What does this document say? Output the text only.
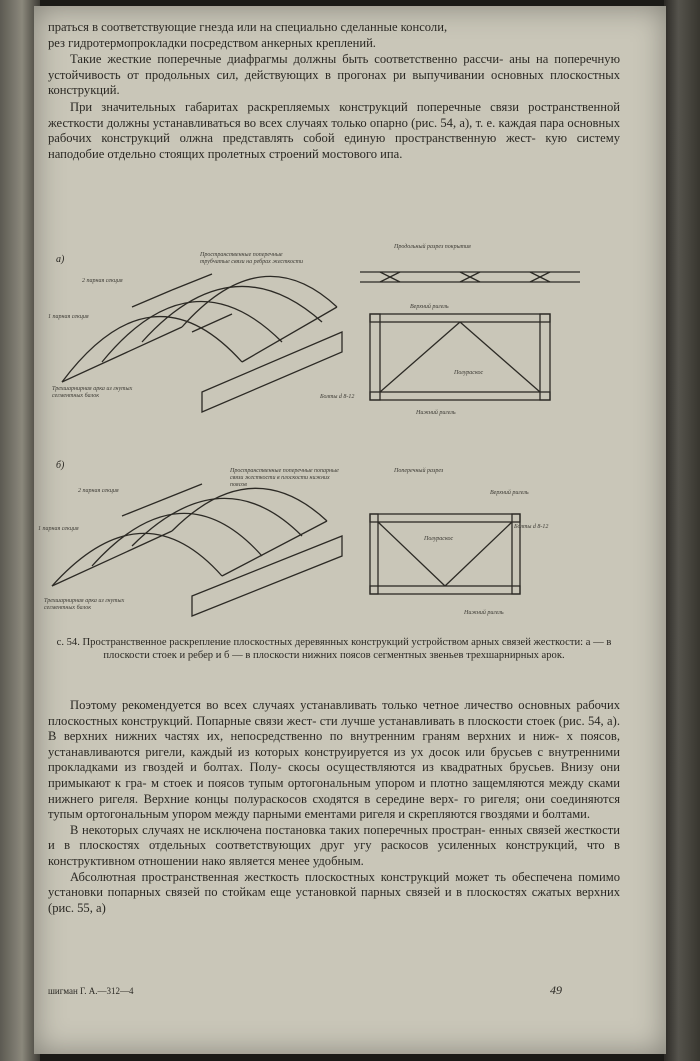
праться в соответствующие гнезда или на специально сделанные консоли,

рез гидротермопрокладки посредством анкерных креплений.

Такие жесткие поперечные диафрагмы должны быть соответственно рассчи- аны на поперечную устойчивость от продольных сил, действующих в прогонах ри выпучивании основных плоскостных конструкций.

При значительных габаритах раскрепляемых конструкций поперечные связи ространственной жесткости должны устанавливаться во всех случаях только опарно (рис. 54, а), т. е. каждая пара основных рабочих конструкций олжна представлять собой единую пространственную жест- кую систему наподобие отдельно стоящих пролетных строений мостового ипа.

а)	Пространственные поперечные трубчатые связи на ребрах жесткости
2 парная секция
1 парная секция
Трехшарнирная арка из гнутых сегментных балок
Продольный разрез покрытия
Верхний ригель
Полураскос
Болты d 8-12
Нижний ригель
б)	Пространственные поперечные попарные связи жесткости в плоскости нижних поясов
2 парная секция
1 парная секция
Трехшарнирная арка из гнутых сегментных балок
Поперечный разрез
Верхний ригель
Полураскос
Болты d 8-12
Нижний ригель
с. 54. Пространственное раскрепление плоскостных деревянных конструкций устройством арных связей жесткости: а — в плоскости стоек и ребер и б — в плоскости нижних поясов сегментных звеньев трехшарнирных арок.

Поэтому рекомендуется во всех случаях устанавливать только четное личество основных рабочих плоскостных конструкций. Попарные связи жест- сти лучше устанавливать в плоскости стоек (рис. 54, а). В верхних нижних частях их, непосредственно по внутренним граням верхних и ниж- х поясов, устанавливаются ригели, каждый из которых конструируется из ух досок или брусьев с внутренними прокладками из гвоздей и болтах. Полу- скосы осуществляются из квадратных брусьев. Внизу они примыкают к гра- м стоек и поясов тупым ортогональным упором и плотно защемляются между сками нижнего ригеля. Верхние концы полураскосов сходятся в середине верх- го ригеля; они соединяются тупым ортогональным упором между парными ементами ригеля и скрепляются гвоздями и болтами.

В некоторых случаях не исключена постановка таких поперечных простран- енных связей жесткости и в плоскостях отдельных соответствующих друг угу раскосов усиленных конструкций, что в конструктивном отношении нако является менее удобным.

Абсолютная пространственная жесткость плоскостных конструкций может ть обеспечена помимо установки попарных связей по стойкам еще установкой парных связей и в плоскостях сжатых верхних (рис. 55, а)

шигман Г. А.—312—4	49
